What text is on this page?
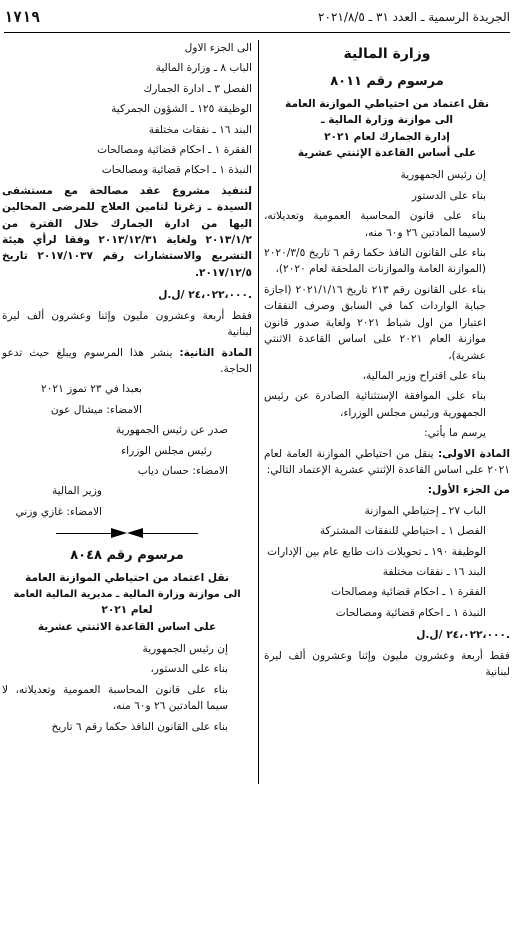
الجريدة الرسمية ـ العدد ٣١ ـ ٢٠٢١/٨/٥
١٧١٩
وزارة المالية
مرسوم رقم ٨٠١١

نقل اعتماد من احتياطي الموازنة العامة

الى موازنة وزارة المالية ـ

إدارة الجمارك لعام ٢٠٢١

على أساس القاعدة الإثنتي عشرية

إن رئيس الجمهورية

بناء على الدستور

بناء على قانون المحاسبة العمومية وتعديلاته، لاسيما المادتين ٢٦ و٦٠ منه،

بناء على القانون النافذ حكما رقم ٦ تاريخ ٢٠٢٠/٣/٥ (الموازنة العامة والموازنات الملحقة لعام ٢٠٢٠)،

بناء على القانون رقم ٢١٣ تاريخ ٢٠٢١/١/١٦ (اجازة جباية الواردات كما في السابق وصرف النفقات اعتبارا من اول شباط ٢٠٢١ ولغاية صدور قانون موازنة العام ٢٠٢١ على اساس القاعدة الاثنتي عشرية)،

بناء على اقتراح وزير المالية،

بناء على الموافقة الإستثنائية الصادرة عن رئيس الجمهورية ورئيس مجلس الوزراء،

يرسم ما يأتي:

المادة الاولى: ينقل من احتياطي الموازنة العامة لعام ٢٠٢١ على اساس القاعدة الإثنتي عشرية الإعتماد التالي:

من الجزء الأول:

الباب ٢٧ ـ إحتياطي الموازنة

الفصل ١ ـ احتياطي للنفقات المشتركة

الوظيفة ١٩٠ ـ تحويلات ذات طابع عام بين الإدارات

البند ١٦ ـ نفقات مختلفة

الفقرة ١ ـ احكام قضائية ومصالحات

النبذة ١ ـ احكام قضائية ومصالحات

٢٤،٠٢٢،٠٠٠ /ل.ل.

فقط أربعة وعشرون مليون وإثنا وعشرون ألف ليرة لبنانية

الى الجزء الاول

الباب ٨ ـ وزارة المالية

الفصل ٣ ـ ادارة الجمارك

الوظيفة ١٢٥ ـ الشؤون الجمركية

البند ١٦ ـ نفقات مختلفة

الفقرة ١ ـ احكام قضائية ومصالحات

النبذة ١ ـ احكام قضائية ومصالحات

لتنفيذ مشروع عقد مصالحة مع مستشفى السيدة ـ زغرتا لتامين العلاج للمرضى المحالين اليها من ادارة الجمارك خلال الفترة من ٢٠١٣/١/٢ ولغاية ٢٠١٣/١٢/٣١ وفقا لرأي هيئة التشريع والاستشارات رقم ٢٠١٧/١٠٣٧ تاريخ ٢٠١٧/١٢/٥.

٢٤،٠٢٢،٠٠٠ /ل.ل.

فقط أربعة وعشرون مليون وإثنا وعشرون ألف ليرة لبنانية

المادة الثانية: ينشر هذا المرسوم ويبلغ حيث تدعو الحاجة.

بعبدا في ٢٣ تموز ٢٠٢١

الامضاء: ميشال عون

صدر عن رئيس الجمهورية

رئيس مجلس الوزراء

الامضاء: حسان دياب

وزير المالية

الامضاء: غازي وزني

مرسوم رقم ٨٠٤٨

نقل اعتماد من احتياطي الموازنة العامة

الى موازنة وزارة المالية ـ مديرية المالية العامة

لعام ٢٠٢١

على اساس القاعدة الاثنتي عشرية

إن رئيس الجمهورية

بناء على الدستور،

بناء على قانون المحاسبة العمومية وتعديلاته، لا سيما المادتين ٢٦ و٦٠ منه،

بناء على القانون النافذ حكما رقم ٦ تاريخ
